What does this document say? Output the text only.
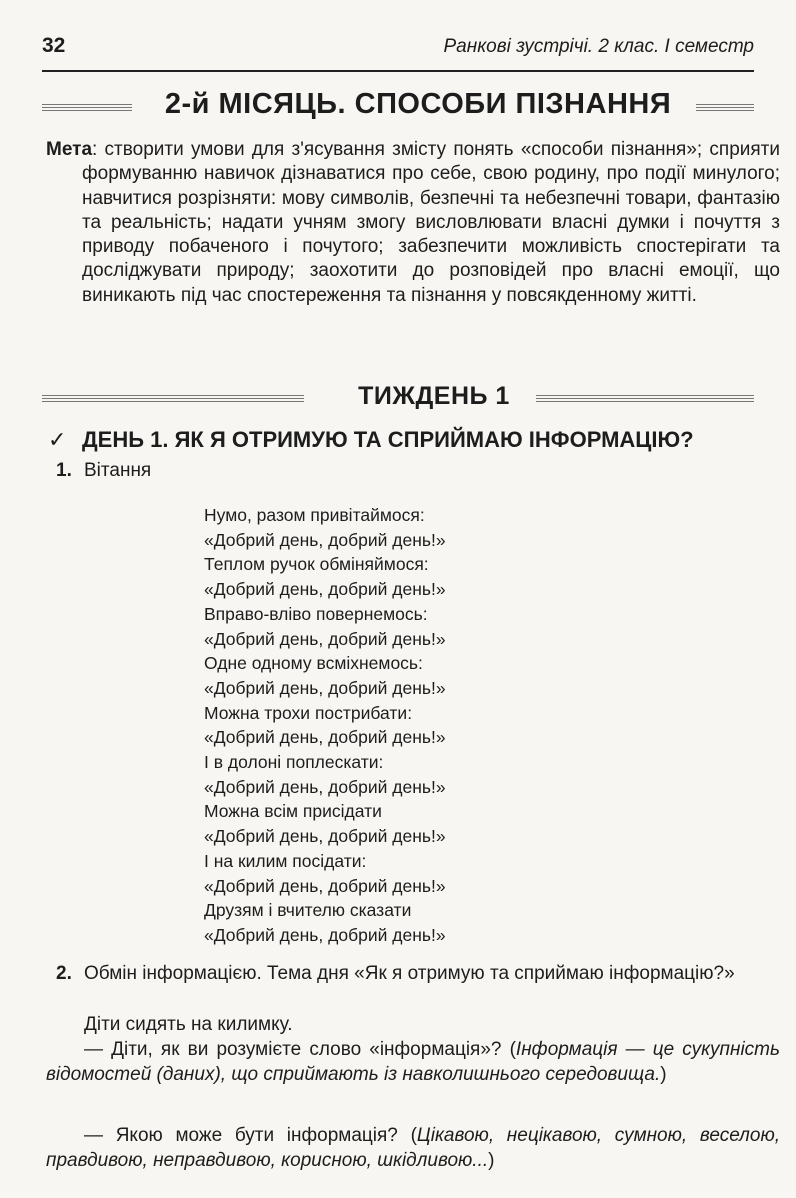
32	Ранкові зустрічі. 2 клас. І семестр
2-й МІСЯЦЬ. СПОСОБИ ПІЗНАННЯ

Мета: створити умови для з'ясування змісту понять «способи пізнання»; сприяти формуванню навичок дізнаватися про себе, свою родину, про події минулого; навчитися розрізняти: мову символів, безпечні та небезпечні товари, фантазію та реальність; надати учням змогу висловлювати власні думки і почуття з приводу побаченого і почутого; забезпечити можливість спостерігати та досліджувати природу; заохотити до розповідей про власні емоції, що виникають під час спостереження та пізнання у повсякденному житті.

ТИЖДЕНЬ 1
✓ ДЕНЬ 1. ЯК Я ОТРИМУЮ ТА СПРИЙМАЮ ІНФОРМАЦІЮ?
1. Вітання
Нумо, разом привітаймося:
«Добрий день, добрий день!»
Теплом ручок обміняймося:
«Добрий день, добрий день!»
Вправо-вліво повернемось:
«Добрий день, добрий день!»
Одне одному всміхнемось:
«Добрий день, добрий день!»
Можна трохи пострибати:
«Добрий день, добрий день!»
І в долоні поплескати:
«Добрий день, добрий день!»
Можна всім присідати
«Добрий день, добрий день!»
І на килим посідати:
«Добрий день, добрий день!»
Друзям і вчителю сказати
«Добрий день, добрий день!»
2. Обмін інформацією. Тема дня «Як я отримую та сприймаю інформацію?»

Діти сидять на килимку.

— Діти, як ви розумієте слово «інформація»? (Інформація — це сукупність відомостей (даних), що сприймають із навколишнього середовища.)

— Якою може бути інформація? (Цікавою, нецікавою, сумною, веселою, правдивою, неправдивою, корисною, шкідливою...)
